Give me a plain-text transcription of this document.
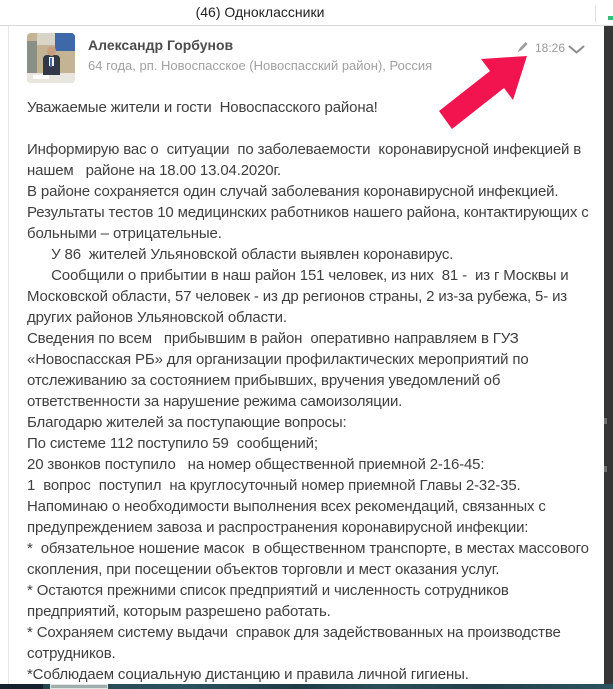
(46) Одноклассники
Александр Горбунов
64 года, рп. Новоспасское (Новоспасский район), Россия
18:26
Уважаемые жители и гости  Новоспасского района!
Информирую вас о  ситуации  по заболеваемости  коронавирусной инфекцией в
нашем   районе на 18.00 13.04.2020г.
В районе сохраняется один случай заболевания коронавирусной инфекцией.
Результаты тестов 10 медицинских работников нашего района, контактирующих с
больными – отрицательные.
У 86  жителей Ульяновской области выявлен коронавирус.
Сообщили о прибытии в наш район 151 человек, из них  81 -  из г Москвы и
Московской области, 57 человек - из др регионов страны, 2 из-за рубежа, 5- из
других районов Ульяновской области.
Сведения по всем   прибывшим в район  оперативно направляем в ГУЗ
«Новоспасская РБ» для организации профилактических мероприятий по
отслеживанию за состоянием прибывших, вручения уведомлений об
ответственности за нарушение режима самоизоляции.
Благодарю жителей за поступающие вопросы:
По системе 112 поступило 59  сообщений;
20 звонков поступило   на номер общественной приемной 2-16-45:
1  вопрос  поступил  на круглосуточный номер приемной Главы 2-32-35.
Напоминаю о необходимости выполнения всех рекомендаций, связанных с
предупреждением завоза и распространения коронавирусной инфекции:
*  обязательное ношение масок  в общественном транспорте, в местах массового
скопления, при посещении объектов торговли и мест оказания услуг.
* Остаются прежними список предприятий и численность сотрудников
предприятий, которым разрешено работать.
* Сохраняем систему выдачи  справок для задействованных на производстве
сотрудников.
*Соблюдаем социальную дистанцию и правила личной гигиены.
